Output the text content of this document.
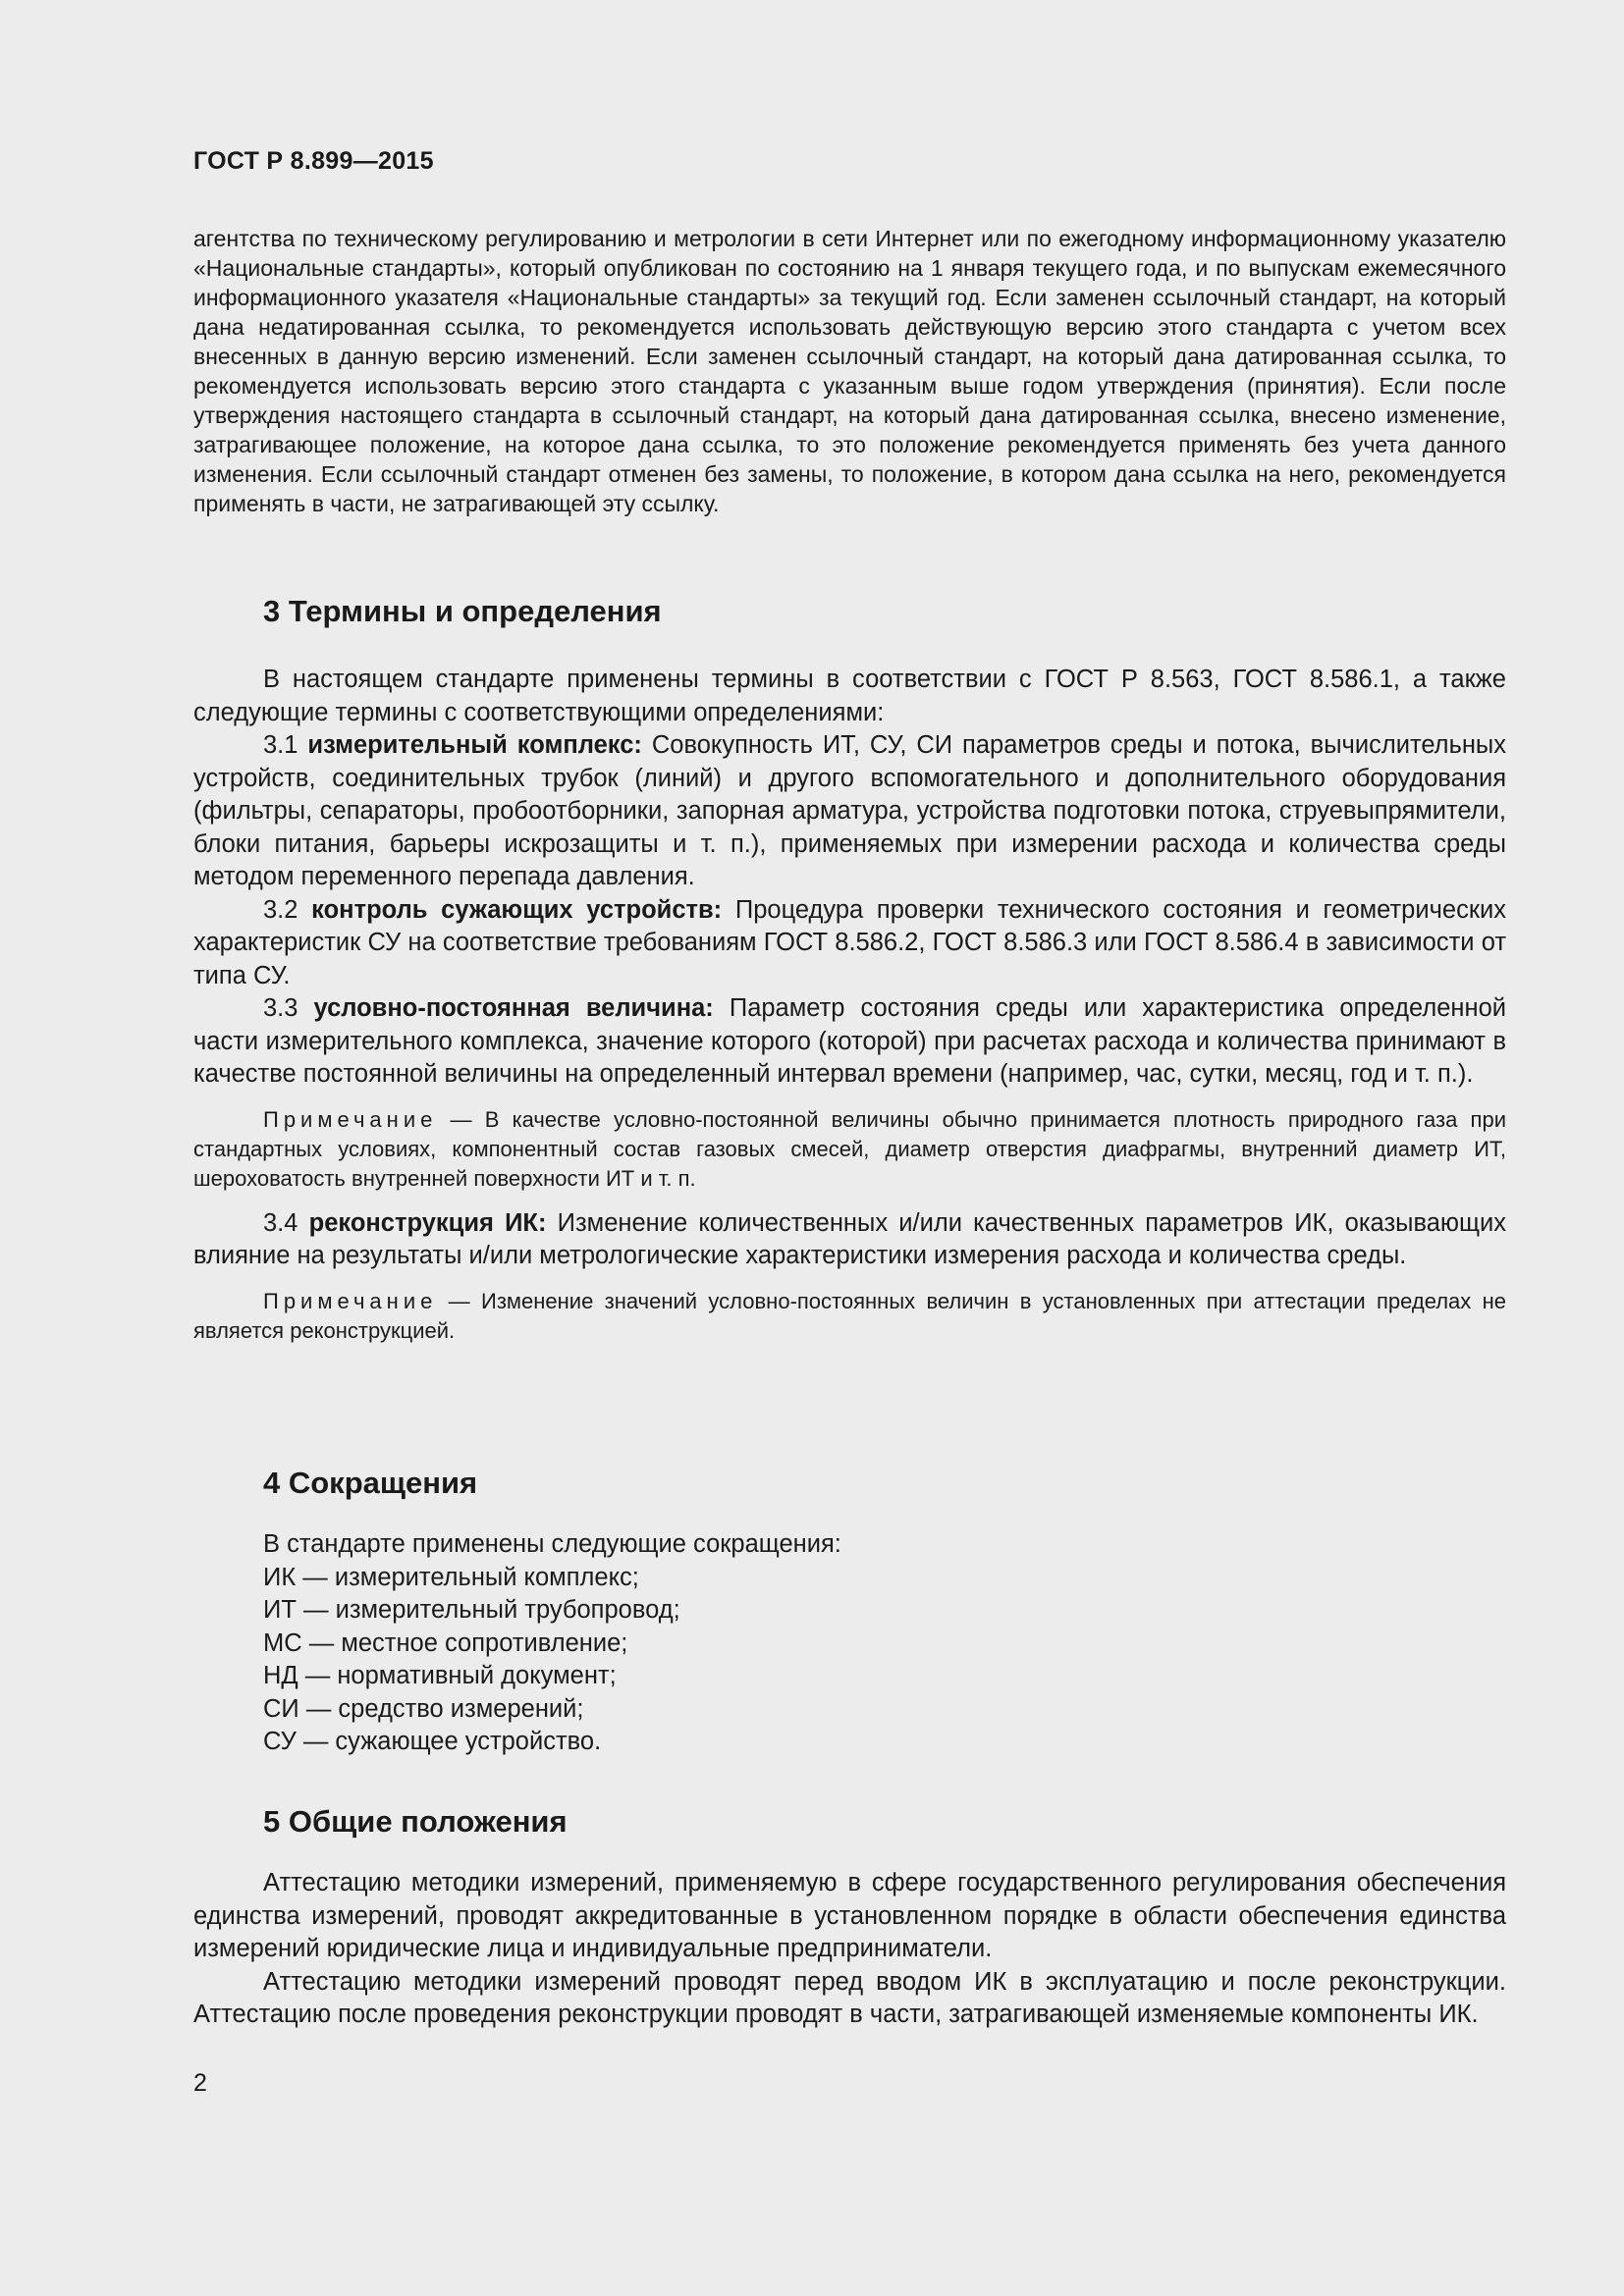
ГОСТ Р 8.899—2015

агентства по техническому регулированию и метрологии в сети Интернет или по ежегодному информационному указателю «Национальные стандарты», который опубликован по состоянию на 1 января текущего года, и по выпускам ежемесячного информационного указателя «Национальные стандарты» за текущий год. Если заменен ссылочный стандарт, на который дана недатированная ссылка, то рекомендуется использовать действующую версию этого стандарта с учетом всех внесенных в данную версию изменений. Если заменен ссылочный стандарт, на который дана датированная ссылка, то рекомендуется использовать версию этого стандарта с указанным выше годом утверждения (принятия). Если после утверждения настоящего стандарта в ссылочный стандарт, на который дана датированная ссылка, внесено изменение, затрагивающее положение, на которое дана ссылка, то это положение рекомендуется применять без учета данного изменения. Если ссылочный стандарт отменен без замены, то положение, в котором дана ссылка на него, рекомендуется применять в части, не затрагивающей эту ссылку.

3 Термины и определения

В настоящем стандарте применены термины в соответствии с ГОСТ Р 8.563, ГОСТ 8.586.1, а также следующие термины с соответствующими определениями:

3.1 измерительный комплекс: Совокупность ИТ, СУ, СИ параметров среды и потока, вычислительных устройств, соединительных трубок (линий) и другого вспомогательного и дополнительного оборудования (фильтры, сепараторы, пробоотборники, запорная арматура, устройства подготовки потока, струевыпрямители, блоки питания, барьеры искрозащиты и т. п.), применяемых при измерении расхода и количества среды методом переменного перепада давления.

3.2 контроль сужающих устройств: Процедура проверки технического состояния и геометрических характеристик СУ на соответствие требованиям ГОСТ 8.586.2, ГОСТ 8.586.3 или ГОСТ 8.586.4 в зависимости от типа СУ.

3.3 условно-постоянная величина: Параметр состояния среды или характеристика определенной части измерительного комплекса, значение которого (которой) при расчетах расхода и количества принимают в качестве постоянной величины на определенный интервал времени (например, час, сутки, месяц, год и т. п.).

Примечание — В качестве условно-постоянной величины обычно принимается плотность природного газа при стандартных условиях, компонентный состав газовых смесей, диаметр отверстия диафрагмы, внутренний диаметр ИТ, шероховатость внутренней поверхности ИТ и т. п.

3.4 реконструкция ИК: Изменение количественных и/или качественных параметров ИК, оказывающих влияние на результаты и/или метрологические характеристики измерения расхода и количества среды.

Примечание — Изменение значений условно-постоянных величин в установленных при аттестации пределах не является реконструкцией.

4 Сокращения

В стандарте применены следующие сокращения:

ИК — измерительный комплекс;
ИТ — измерительный трубопровод;
МС — местное сопротивление;
НД — нормативный документ;
СИ — средство измерений;
СУ — сужающее устройство.
5 Общие положения

Аттестацию методики измерений, применяемую в сфере государственного регулирования обеспечения единства измерений, проводят аккредитованные в установленном порядке в области обеспечения единства измерений юридические лица и индивидуальные предприниматели.

Аттестацию методики измерений проводят перед вводом ИК в эксплуатацию и после реконструкции. Аттестацию после проведения реконструкции проводят в части, затрагивающей изменяемые компоненты ИК.

2
